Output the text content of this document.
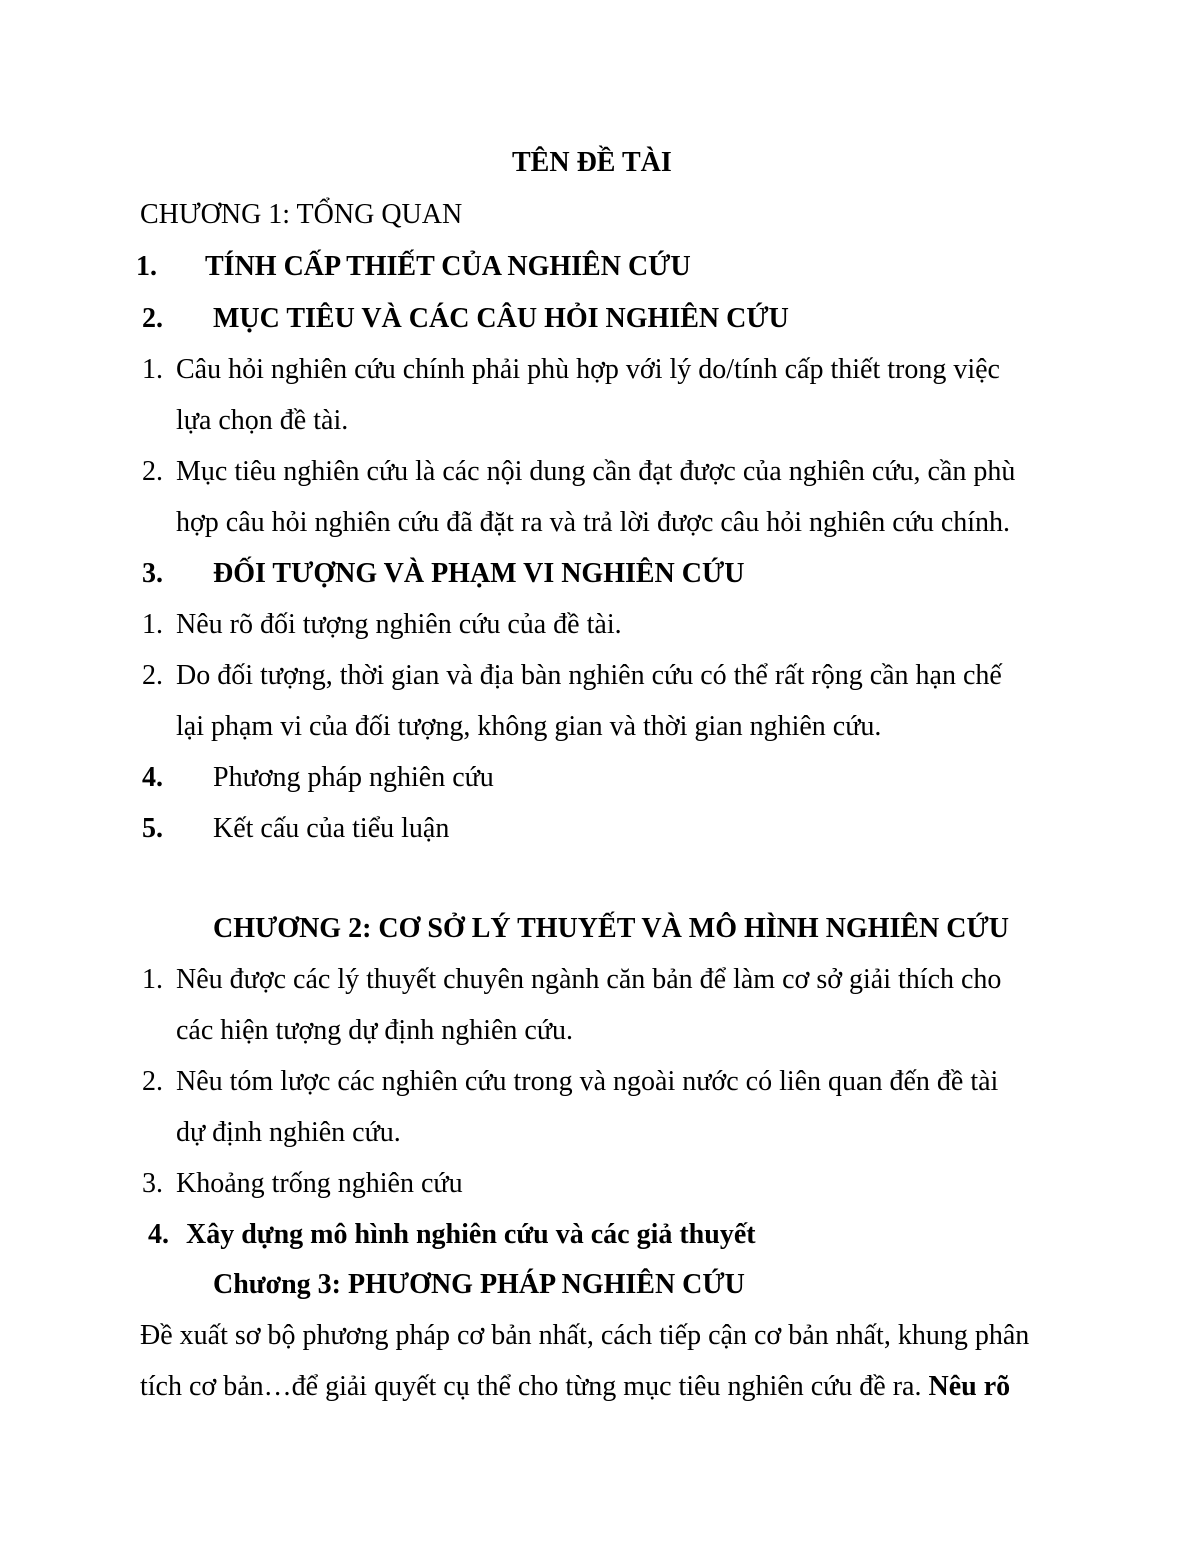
TÊN ĐỀ TÀI
CHƯƠNG 1: TỔNG QUAN
1. TÍNH CẤP THIẾT CỦA NGHIÊN CỨU
2. MỤC TIÊU VÀ CÁC CÂU HỎI NGHIÊN CỨU
1. Câu hỏi nghiên cứu chính phải phù hợp với lý do/tính cấp thiết trong việc
lựa chọn đề tài.
2. Mục tiêu nghiên cứu là các nội dung cần đạt được của nghiên cứu, cần phù
hợp câu hỏi nghiên cứu đã đặt ra và trả lời được câu hỏi nghiên cứu chính.
3. ĐỐI TƯỢNG VÀ PHẠM VI NGHIÊN CỨU
1. Nêu rõ đối tượng nghiên cứu của đề tài.
2. Do đối tượng, thời gian và địa bàn nghiên cứu có thể rất rộng cần hạn chế
lại phạm vi của đối tượng, không gian và thời gian nghiên cứu.
4. Phương pháp nghiên cứu
5. Kết cấu của tiểu luận
CHƯƠNG 2: CƠ SỞ LÝ THUYẾT VÀ MÔ HÌNH NGHIÊN CỨU
1. Nêu được các lý thuyết chuyên ngành căn bản để làm cơ sở giải thích cho
các hiện tượng dự định nghiên cứu.
2. Nêu tóm lược các nghiên cứu trong và ngoài nước có liên quan đến đề tài
dự định nghiên cứu.
3. Khoảng trống nghiên cứu
4. Xây dựng mô hình nghiên cứu và các giả thuyết
Chương 3: PHƯƠNG PHÁP NGHIÊN CỨU
Đề xuất sơ bộ phương pháp cơ bản nhất, cách tiếp cận cơ bản nhất, khung phân
tích cơ bản…để giải quyết cụ thể cho từng mục tiêu nghiên cứu đề ra. Nêu rõ
